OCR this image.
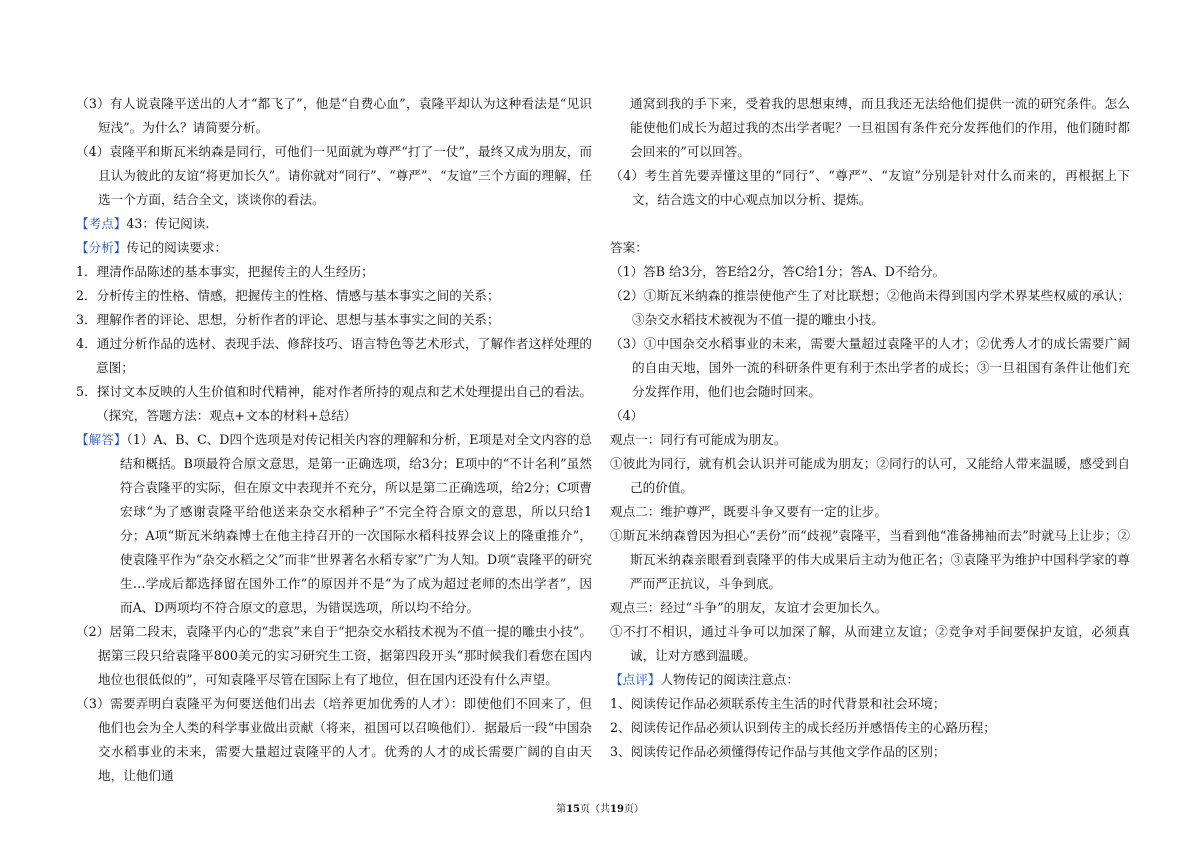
（3）有人说袁隆平送出的人才“都飞了”，他是“自费心血”，袁隆平却认为这种看法是“见识短浅”。为什么？请简要分析。

（4）袁隆平和斯瓦米纳森是同行，可他们一见面就为尊严“打了一仗”，最终又成为朋友，而且认为彼此的友谊“将更加长久”。请你就对“同行”、“尊严”、“友谊”三个方面的理解，任选一个方面，结合全文，谈谈你的看法。

【考点】43：传记阅读.

【分析】传记的阅读要求：

1．理清作品陈述的基本事实，把握传主的人生经历；

2．分析传主的性格、情感，把握传主的性格、情感与基本事实之间的关系；

3．理解作者的评论、思想，分析作者的评论、思想与基本事实之间的关系；

4．通过分析作品的选材、表现手法、修辞技巧、语言特色等艺术形式，了解作者这样处理的意图；

5．探讨文本反映的人生价值和时代精神，能对作者所持的观点和艺术处理提出自己的看法。（探究，答题方法：观点+文本的材料+总结）

【解答】（1）A、B、C、D四个选项是对传记相关内容的理解和分析，E项是对全文内容的总结和概括。B项最符合原文意思，是第一正确选项，给3分；E项中的“不计名利”虽然符合袁隆平的实际，但在原文中表现并不充分，所以是第二正确选项，给2分；C项曹宏球“为了感谢袁隆平给他送来杂交水稻种子”不完全符合原文的意思，所以只给1分；A项“斯瓦米纳森博士在他主持召开的一次国际水稻科技界会议上的隆重推介”，使袁隆平作为“杂交水稻之父”而非“世界著名水稻专家”广为人知。D项“袁隆平的研究生…学成后都选择留在国外工作”的原因并不是“为了成为超过老师的杰出学者”，因而A、D两项均不符合原文的意思，为错误选项，所以均不给分。

（2）居第二段末，袁隆平内心的“悲哀”来自于“把杂交水稻技术视为不值一提的雕虫小技”。据第三段只给袁隆平800美元的实习研究生工资，据第四段开头“那时候我们看您在国内地位也很低似的”，可知袁隆平尽管在国际上有了地位，但在国内还没有什么声望。

（3）需要弄明白袁隆平为何要送他们出去（培养更加优秀的人才）：即使他们不回来了，但他们也会为全人类的科学事业做出贡献（将来，祖国可以召唤他们）．据最后一段“中国杂交水稻事业的未来，需要大量超过袁隆平的人才。优秀的人才的成长需要广阔的自由天地，让他们通

通窝到我的手下来，受着我的思想束缚，而且我还无法给他们提供一流的研究条件。怎么能使他们成长为超过我的杰出学者呢？一旦祖国有条件充分发挥他们的作用，他们随时都会回来的”可以回答。

（4）考生首先要弄懂这里的“同行”、“尊严”、“友谊”分别是针对什么而来的，再根据上下文，结合选文的中心观点加以分析、提炼。

答案：

（1）答B 给3分，答E给2分，答C给1分；答A、D不给分。

（2）①斯瓦米纳森的推崇使他产生了对比联想；②他尚未得到国内学术界某些权威的承认；③杂交水稻技术被视为不值一提的雕虫小技。

（3）①中国杂交水稻事业的未来，需要大量超过袁隆平的人才；②优秀人才的成长需要广阔的自由天地，国外一流的科研条件更有利于杰出学者的成长；③一旦祖国有条件让他们充分发挥作用，他们也会随时回来。

（4）

观点一：同行有可能成为朋友。

①彼此为同行，就有机会认识并可能成为朋友；②同行的认可，又能给人带来温暖，感受到自己的价值。

观点二：维护尊严，既要斗争又要有一定的让步。

①斯瓦米纳森曾因为担心“丢份”而“歧视”袁隆平，当看到他“准备拂袖而去”时就马上让步；②斯瓦米纳森亲眼看到袁隆平的伟大成果后主动为他正名；③袁隆平为维护中国科学家的尊严而严正抗议，斗争到底。

观点三：经过“斗争”的朋友，友谊才会更加长久。

①不打不相识，通过斗争可以加深了解，从而建立友谊；②竞争对手间要保护友谊，必须真诚，让对方感到温暖。

【点评】人物传记的阅读注意点：

1、阅读传记作品必须联系传主生活的时代背景和社会环境；

2、阅读传记作品必须认识到传主的成长经历并感悟传主的心路历程；

3、阅读传记作品必须懂得传记作品与其他文学作品的区别；

第15页（共19页）
